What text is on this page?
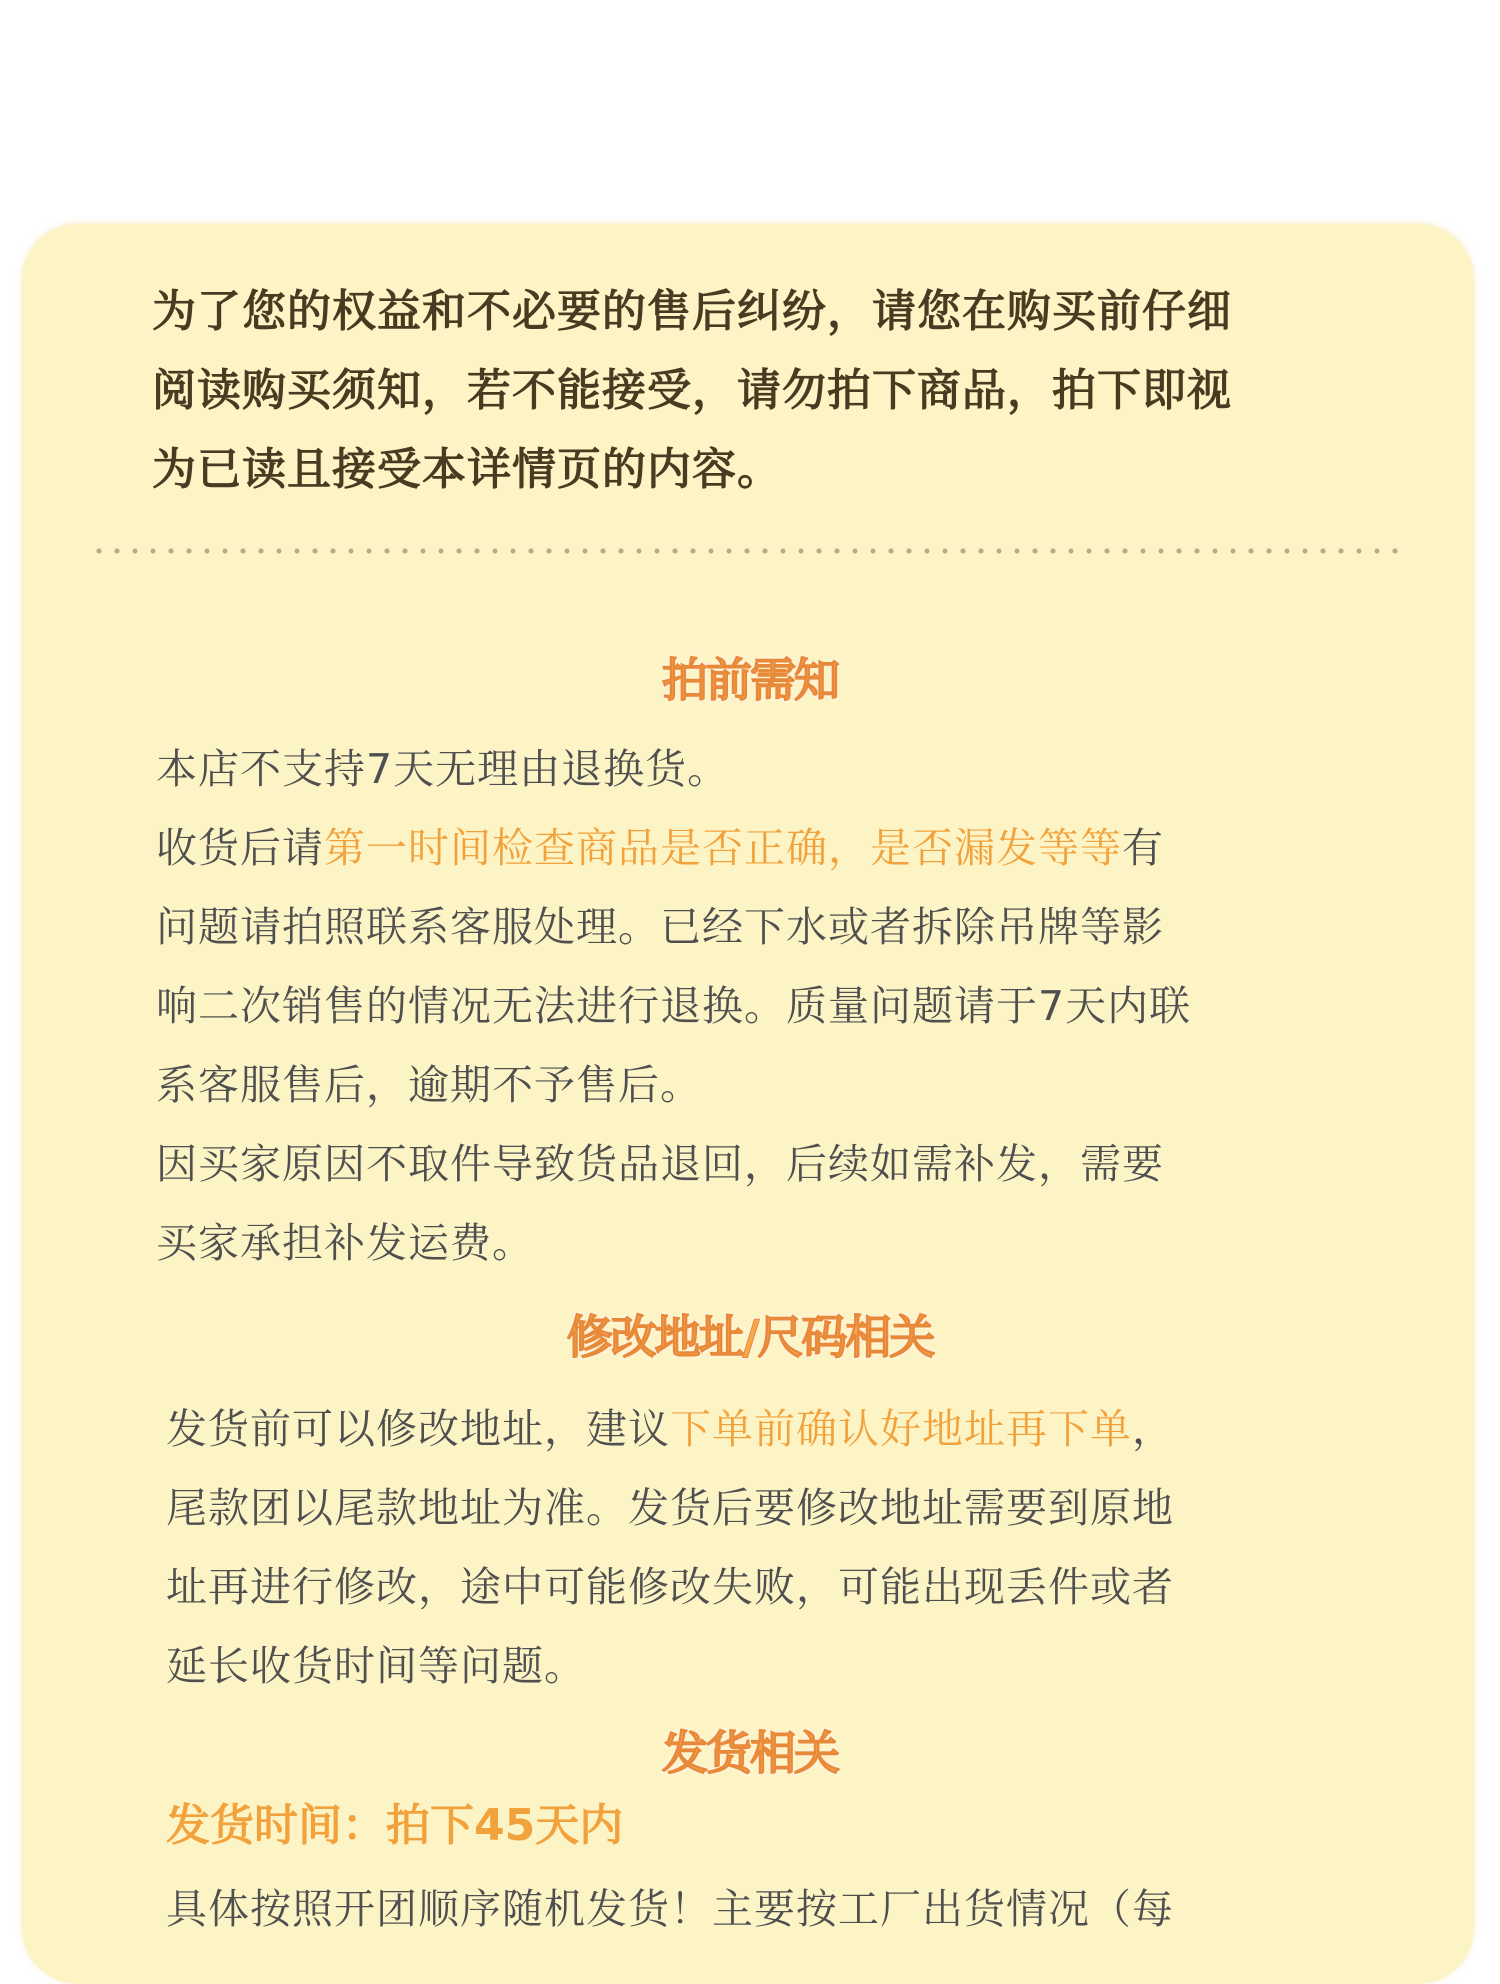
为了您的权益和不必要的售后纠纷，请您在购买前仔细
阅读购买须知，若不能接受，请勿拍下商品，拍下即视
为已读且接受本详情页的内容。

拍前需知

本店不支持7天无理由退换货。

收货后请第一时间检查商品是否正确，是否漏发等等有
问题请拍照联系客服处理。已经下水或者拆除吊牌等影
响二次销售的情况无法进行退换。质量问题请于7天内联
系客服售后，逾期不予售后。

因买家原因不取件导致货品退回，后续如需补发，需要
买家承担补发运费。

修改地址/尺码相关

发货前可以修改地址，建议下单前确认好地址再下单，
尾款团以尾款地址为准。发货后要修改地址需要到原地
址再进行修改，途中可能修改失败，可能出现丢件或者
延长收货时间等问题。

发货相关

发货时间：拍下45天内

具体按照开团顺序随机发货！主要按工厂出货情况（每
